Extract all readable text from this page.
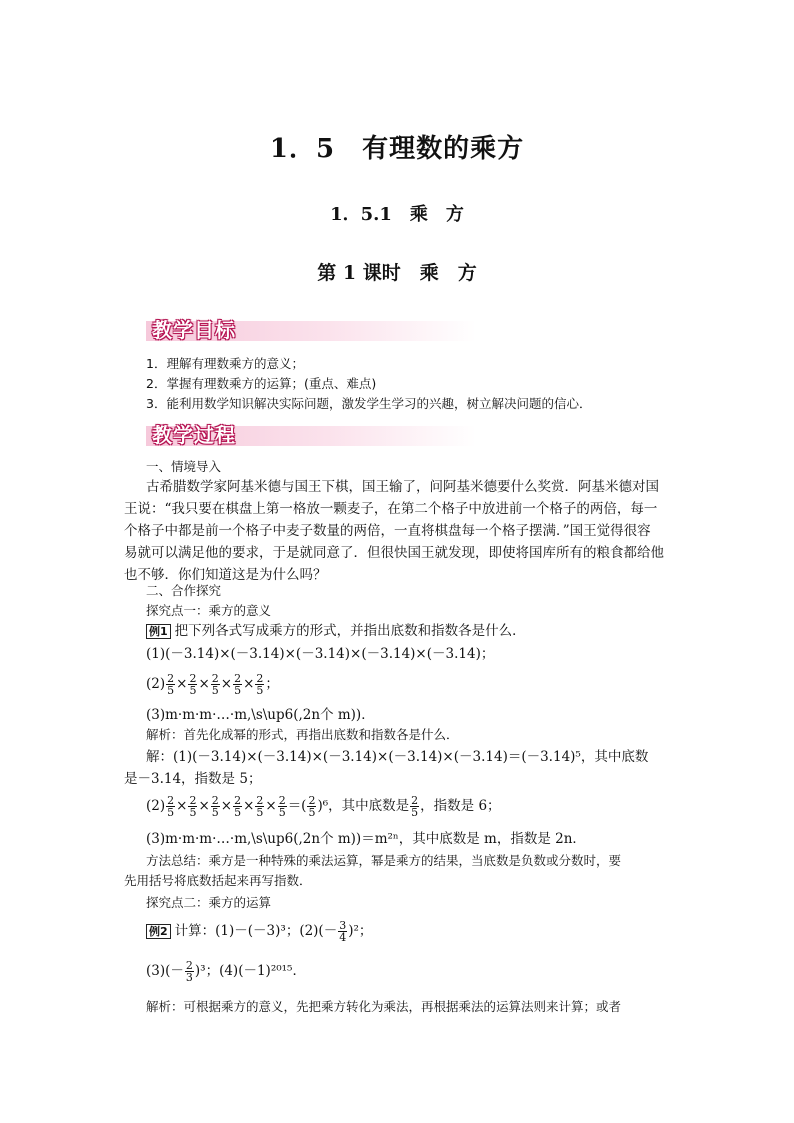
1．5　有理数的乘方
1．5.1　乘　方
第 1 课时　乘　方
教学目标
1．理解有理数乘方的意义；
2．掌握有理数乘方的运算；(重点、难点)
3．能利用数学知识解决实际问题，激发学生学习的兴趣，树立解决问题的信心．
教学过程
一、情境导入
古希腊数学家阿基米德与国王下棋，国王输了，问阿基米德要什么奖赏．阿基米德对国
王说：“我只要在棋盘上第一格放一颗麦子，在第二个格子中放进前一个格子的两倍，每一
个格子中都是前一个格子中麦子数量的两倍，一直将棋盘每一个格子摆满．”国王觉得很容
易就可以满足他的要求，于是就同意了．但很快国王就发现，即使将国库所有的粮食都给他
也不够．你们知道这是为什么吗？
二、合作探究
探究点一：乘方的意义
例1 把下列各式写成乘方的形式，并指出底数和指数各是什么．
(1)(－3.14)×(－3.14)×(－3.14)×(－3.14)×(－3.14)；
$(2) \frac{2}{5} \times \frac{2}{5} \times \frac{2}{5} \times \frac{2}{5} \times \frac{2}{5}$ ；
(3)m·m·m·…·m,\s\up6(,2n个 m))．
解析：首先化成幂的形式，再指出底数和指数各是什么．
解：(1)(－3.14)×(－3.14)×(－3.14)×(－3.14)×(－3.14)＝(－3.14)⁵，其中底数
是－3.14，指数是 5；
$(2) \frac{2}{5} \times \frac{2}{5} \times \frac{2}{5} \times \frac{2}{5} \times \frac{2}{5} \times \frac{2}{5}$ ＝( $\frac{2}{5} )^6$，其中底数是 $\frac{2}{5}$ ，指数是 6；
(3)m·m·m·…·m,\s\up6(,2n个 m))＝m²ⁿ，其中底数是 m，指数是 2n．
方法总结：乘方是一种特殊的乘法运算，幂是乘方的结果，当底数是负数或分数时，要
先用括号将底数括起来再写指数．
探究点二：乘方的运算
例2 计算：(1)－(－3)³；$(2)(- \frac{3}{4} )^2$；
$(3)(- \frac{2}{3} )^3$；(4)(－1)²⁰¹⁵．
解析：可根据乘方的意义，先把乘方转化为乘法，再根据乘法的运算法则来计算；或者
